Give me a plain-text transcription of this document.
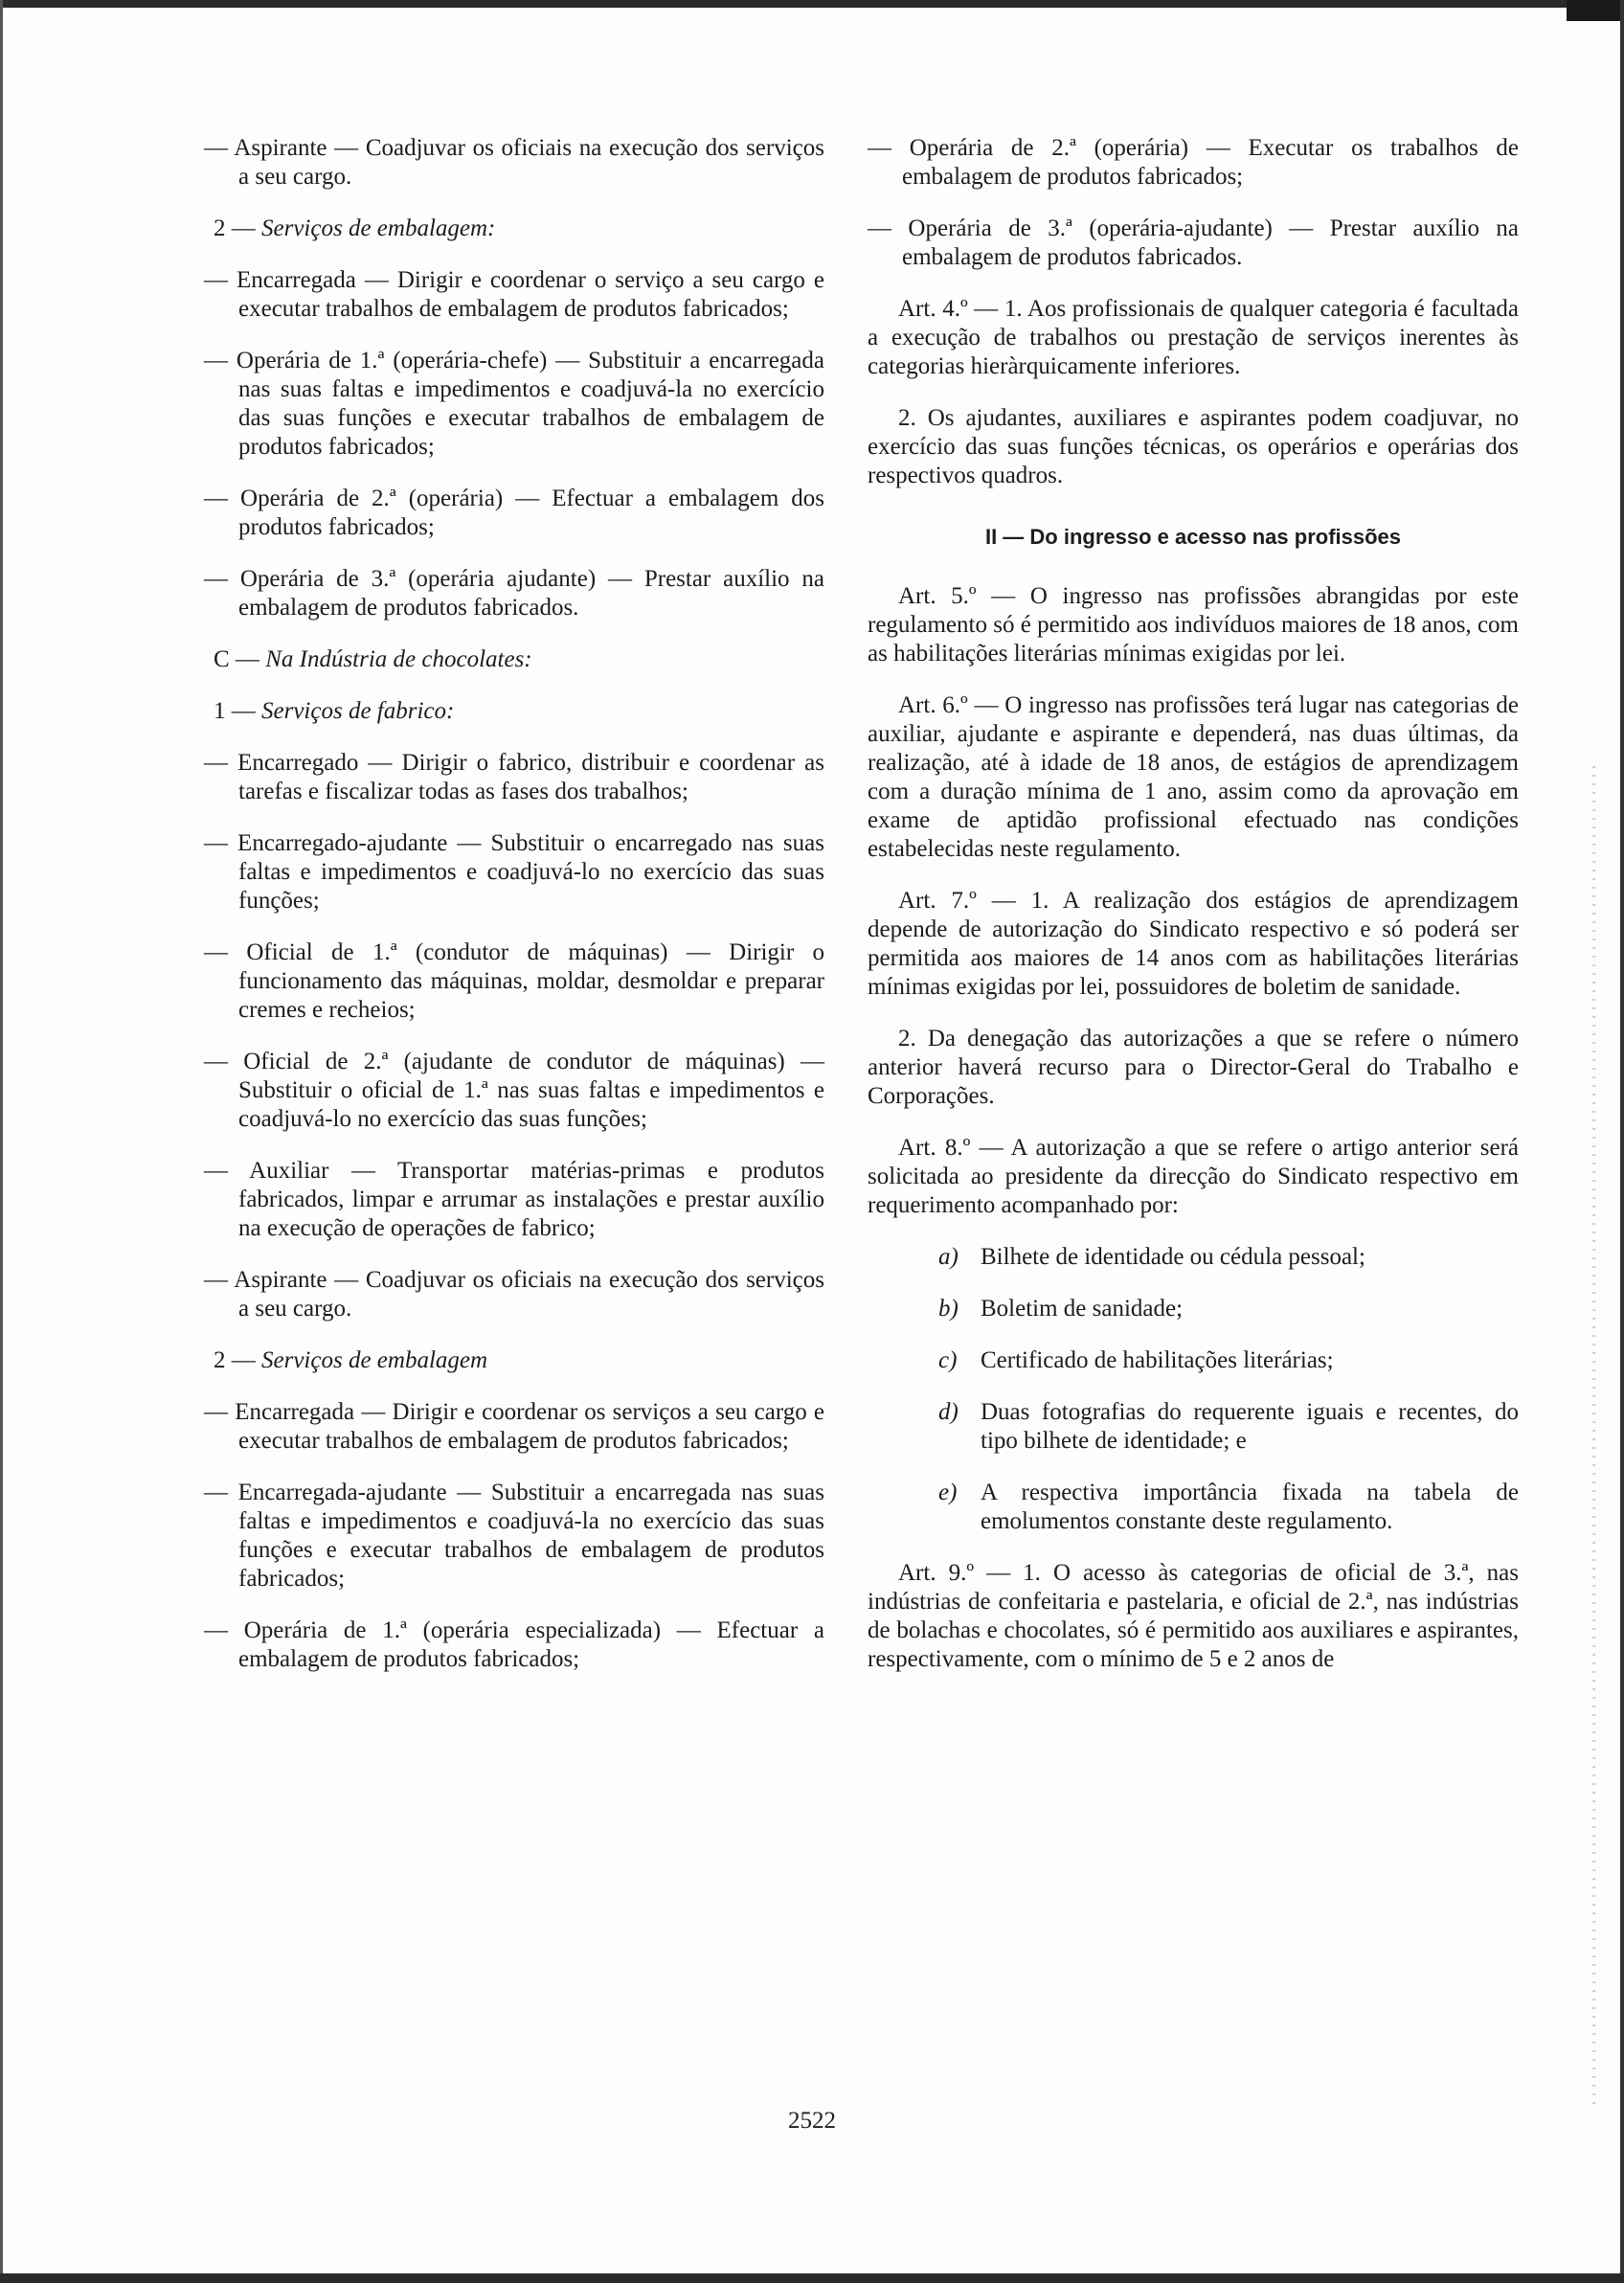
— Aspirante — Coadjuvar os oficiais na execução dos serviços a seu cargo.

2 — Serviços de embalagem:

— Encarregada — Dirigir e coordenar o serviço a seu cargo e executar trabalhos de embalagem de produtos fabricados;

— Operária de 1.ª (operária-chefe) — Substituir a encarregada nas suas faltas e impedimentos e coadjuvá-la no exercício das suas funções e executar trabalhos de embalagem de produtos fabricados;

— Operária de 2.ª (operária) — Efectuar a embalagem dos produtos fabricados;

— Operária de 3.ª (operária ajudante) — Prestar auxílio na embalagem de produtos fabricados.

C — Na Indústria de chocolates:

1 — Serviços de fabrico:

— Encarregado — Dirigir o fabrico, distribuir e coordenar as tarefas e fiscalizar todas as fases dos trabalhos;

— Encarregado-ajudante — Substituir o encarregado nas suas faltas e impedimentos e coadjuvá-lo no exercício das suas funções;

— Oficial de 1.ª (condutor de máquinas) — Dirigir o funcionamento das máquinas, moldar, desmoldar e preparar cremes e recheios;

— Oficial de 2.ª (ajudante de condutor de máquinas) — Substituir o oficial de 1.ª nas suas faltas e impedimentos e coadjuvá-lo no exercício das suas funções;

— Auxiliar — Transportar matérias-primas e produtos fabricados, limpar e arrumar as instalações e prestar auxílio na execução de operações de fabrico;

— Aspirante — Coadjuvar os oficiais na execução dos serviços a seu cargo.

2 — Serviços de embalagem

— Encarregada — Dirigir e coordenar os serviços a seu cargo e executar trabalhos de embalagem de produtos fabricados;

— Encarregada-ajudante — Substituir a encarregada nas suas faltas e impedimentos e coadjuvá-la no exercício das suas funções e executar trabalhos de embalagem de produtos fabricados;

— Operária de 1.ª (operária especializada) — Efectuar a embalagem de produtos fabricados;

— Operária de 2.ª (operária) — Executar os trabalhos de embalagem de produtos fabricados;

— Operária de 3.ª (operária-ajudante) — Prestar auxílio na embalagem de produtos fabricados.

Art. 4.º — 1. Aos profissionais de qualquer categoria é facultada a execução de trabalhos ou prestação de serviços inerentes às categorias hieràrquicamente inferiores.

2. Os ajudantes, auxiliares e aspirantes podem coadjuvar, no exercício das suas funções técnicas, os operários e operárias dos respectivos quadros.

II — Do ingresso e acesso nas profissões

Art. 5.º — O ingresso nas profissões abrangidas por este regulamento só é permitido aos indivíduos maiores de 18 anos, com as habilitações literárias mínimas exigidas por lei.

Art. 6.º — O ingresso nas profissões terá lugar nas categorias de auxiliar, ajudante e aspirante e dependerá, nas duas últimas, da realização, até à idade de 18 anos, de estágios de aprendizagem com a duração mínima de 1 ano, assim como da aprovação em exame de aptidão profissional efectuado nas condições estabelecidas neste regulamento.

Art. 7.º — 1. A realização dos estágios de aprendizagem depende de autorização do Sindicato respectivo e só poderá ser permitida aos maiores de 14 anos com as habilitações literárias mínimas exigidas por lei, possuidores de boletim de sanidade.

2. Da denegação das autorizações a que se refere o número anterior haverá recurso para o Director-Geral do Trabalho e Corporações.

Art. 8.º — A autorização a que se refere o artigo anterior será solicitada ao presidente da direcção do Sindicato respectivo em requerimento acompanhado por:

a) Bilhete de identidade ou cédula pessoal;

b) Boletim de sanidade;

c) Certificado de habilitações literárias;

d) Duas fotografias do requerente iguais e recentes, do tipo bilhete de identidade; e

e) A respectiva importância fixada na tabela de emolumentos constante deste regulamento.

Art. 9.º — 1. O acesso às categorias de oficial de 3.ª, nas indústrias de confeitaria e pastelaria, e oficial de 2.ª, nas indústrias de bolachas e chocolates, só é permitido aos auxiliares e aspirantes, respectivamente, com o mínimo de 5 e 2 anos de

2522
